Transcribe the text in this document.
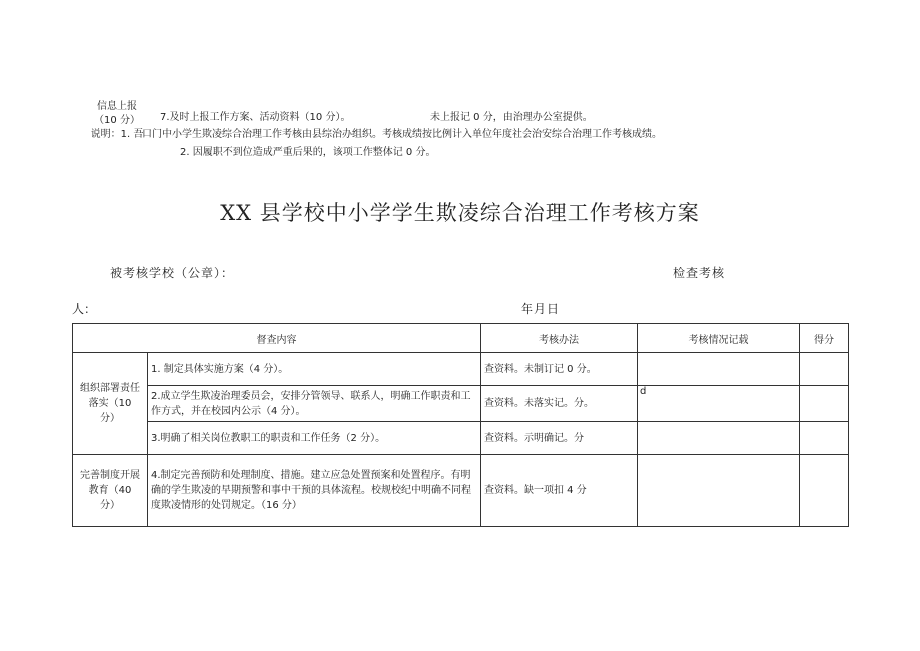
信息上报
（10 分）
说明：1. 吾
7.及时上报工作方案、活动资料（10 分）。	未上报记 0 分，由治理办公室提供。
口门中小学生欺凌综合治理工作考核由县综治办组织。考核成绩按比例计入单位年度社会治安综合治理工作考核成绩。
2. 因履职不到位造成严重后果的，该项工作整体记 0 分。
XX 县学校中小学学生欺凌综合治理工作考核方案
被考核学校（公章）：	检查考核
人：	年月日
督查内容		考核办法	考核情况记载	得分

组织部署责任
落实（10
分）	1. 制定具体实施方案（4 分）。	查资料。未制订记 0 分。		
	2.成立学生欺凌治理委员会，安排分管领导、联系人，明确工作职责和工作方式，并在校园内公示（4 分）。	查资料。未落实记。分。	d	

	3.明确了相关岗位教职工的职责和工作任务（2 分）。	查资料。示明确记。分		

完善制度开展
教育（40
分）	4.制定完善预防和处理制度、措施。建立应急处置预案和处置程序。有明确的学生欺凌的早期预警和事中干预的具体流程。校规校纪中明确不同程度欺凌情形的处罚规定。（16 分）	查资料。缺一项扣 4 分		
